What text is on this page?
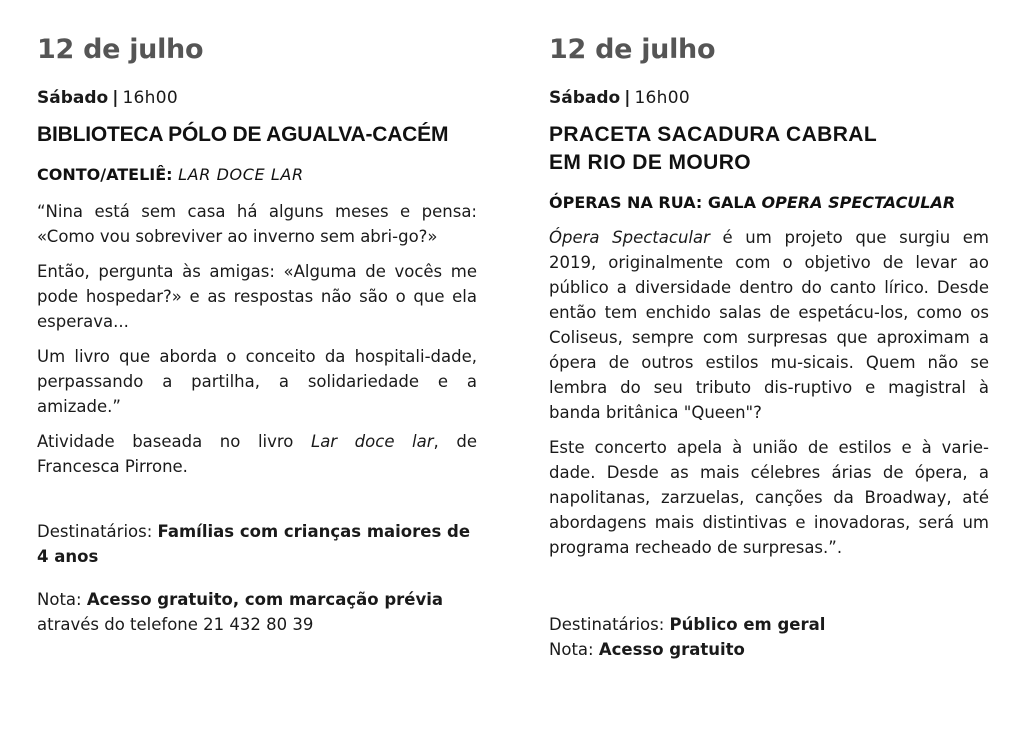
12 de julho
Sábado | 16h00
BIBLIOTECA PÓLO DE AGUALVA-CACÉM
CONTO/ATELIÊ: LAR DOCE LAR

“Nina está sem casa há alguns meses e pensa: «Como vou sobreviver ao inverno sem abri-go?»

Então, pergunta às amigas: «Alguma de vocês me pode hospedar?» e as respostas não são o que ela esperava...

Um livro que aborda o conceito da hospitali-dade, perpassando a partilha, a solidariedade e a amizade.”

Atividade baseada no livro Lar doce lar, de Francesca Pirrone.

Destinatários: Famílias com crianças maiores de 4 anos
Nota: Acesso gratuito, com marcação prévia
através do telefone 21 432 80 39
12 de julho
Sábado | 16h00
PRACETA SACADURA CABRAL
EM RIO DE MOURO
ÓPERAS NA RUA: GALA OPERA SPECTACULAR

Ópera Spectacular é um projeto que surgiu em 2019, originalmente com o objetivo de levar ao público a diversidade dentro do canto lírico. Desde então tem enchido salas de espetácu-los, como os Coliseus, sempre com surpresas que aproximam a ópera de outros estilos mu-sicais. Quem não se lembra do seu tributo dis-ruptivo e magistral à banda britânica "Queen"?

Este concerto apela à união de estilos e à varie-dade. Desde as mais célebres árias de ópera, a napolitanas, zarzuelas, canções da Broadway, até abordagens mais distintivas e inovadoras, será um programa recheado de surpresas.”.

Destinatários: Público em geral
Nota: Acesso gratuito
